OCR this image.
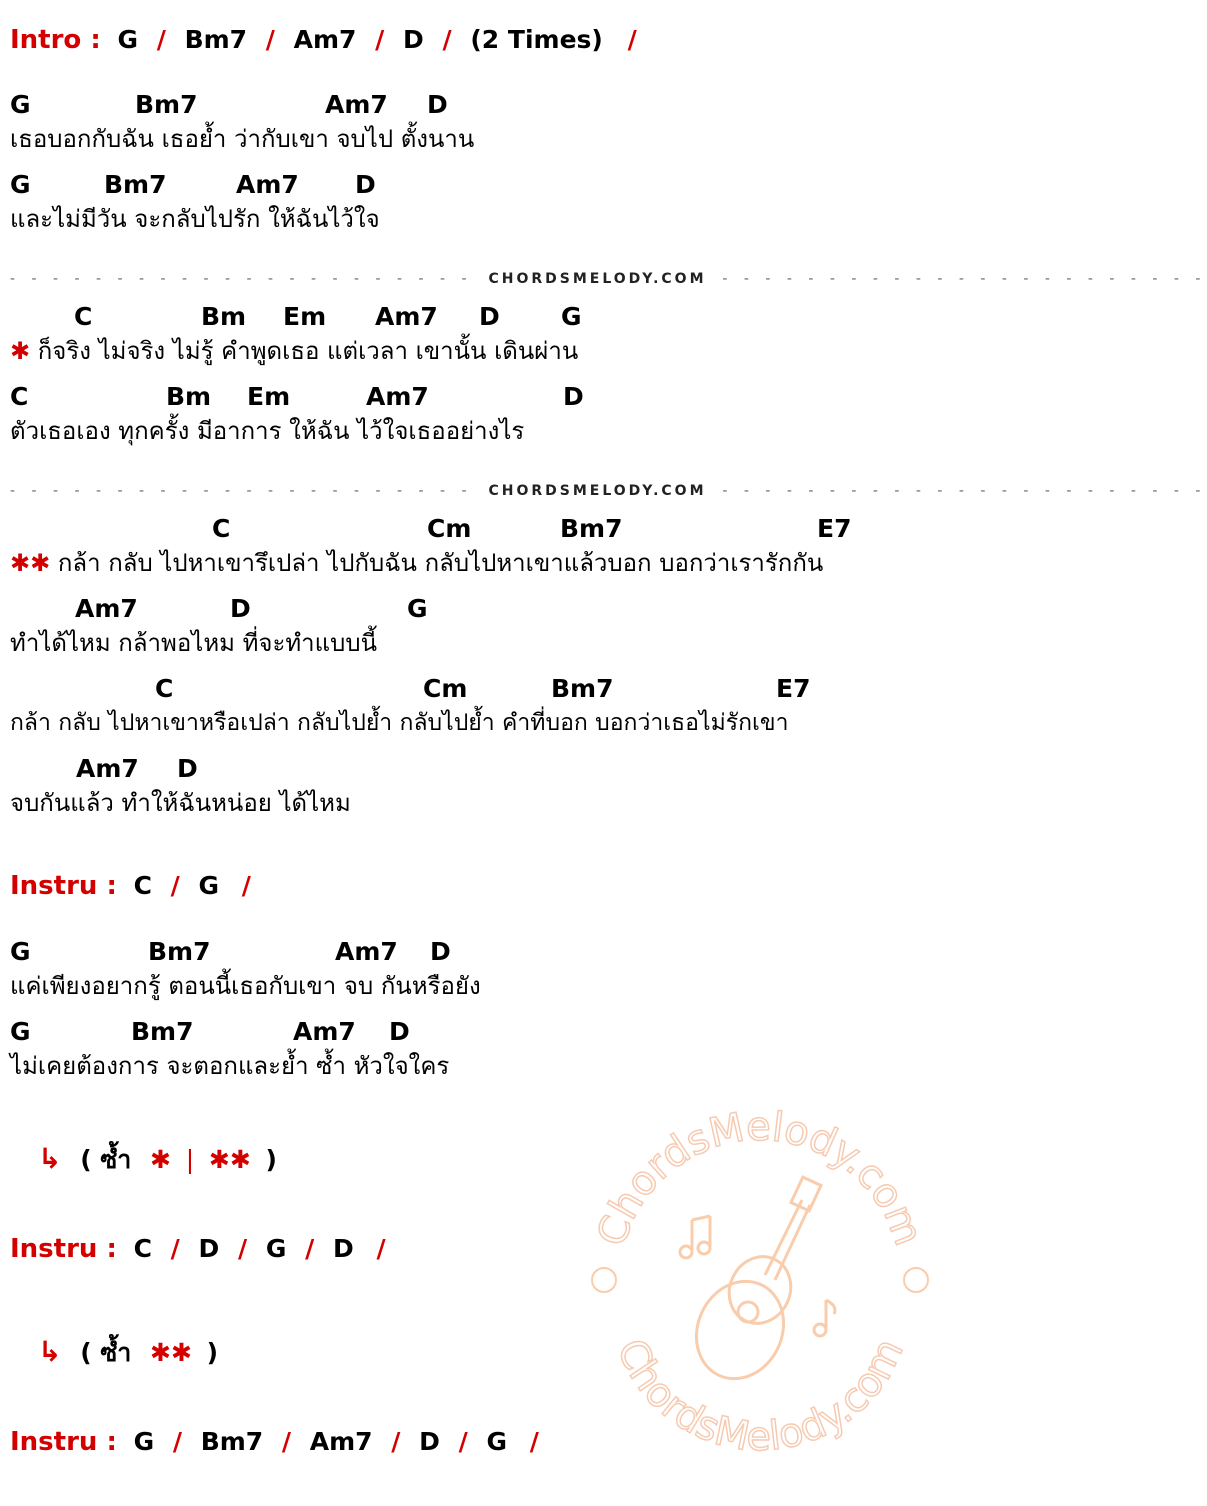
Intro : G / Bm7 / Am7 / D / (2 Times) /
G	Bm7	Am7 D
เธอบอกกับฉัน เธอย้ำ ว่ากับเขา จบไป ตั้งนาน
G	Bm7	Am7 D
และไม่มีวัน จะกลับไปรัก ให้ฉันไว้ใจ
- - - - - - - - - - - - - - - - - - - - - - CHORDSMELODY.COM - - - - - - - - - - - - - - - - - - - - - - -
C	Bm Em Am7 D G
✱ ก็จริง ไม่จริง ไม่รู้ คำพูดเธอ แต่เวลา เขานั้น เดินผ่าน
C	Bm Em	Am7	D
ตัวเธอเอง ทุกครั้ง มีอาการ ให้ฉัน ไว้ใจเธออย่างไร
- - - - - - - - - - - - - - - - - - - - - - CHORDSMELODY.COM - - - - - - - - - - - - - - - - - - - - - - -
C	Cm	Bm7	E7
✱✱ กล้า กลับ ไปหาเขารึเปล่า ไปกับฉัน กลับไปหาเขาแล้วบอก บอกว่าเรารักกัน
Am7	D	G
ทำได้ไหม กล้าพอไหม ที่จะทำแบบนี้
C	Cm	Bm7	E7
กล้า กลับ ไปหาเขาหรือเปล่า กลับไปย้ำ กลับไปย้ำ คำที่บอก บอกว่าเธอไม่รักเขา
Am7 D
จบกันแล้ว ทำให้ฉันหน่อย ได้ไหม
Instru : C / G /
G	Bm7	Am7 D
แค่เพียงอยากรู้ ตอนนี้เธอกับเขา จบ กันหรือยัง
G	Bm7	Am7 D
ไม่เคยต้องการ จะตอกและย้ำ ซ้ำ หัวใจใคร
↳ ( ซ้ำ ✱ | ✱✱ )
Instru : C / D / G / D /
↳ ( ซ้ำ ✱✱ )
Instru : G / Bm7 / Am7 / D / G /
ChordsMelody.com
ChordsMelody.com
